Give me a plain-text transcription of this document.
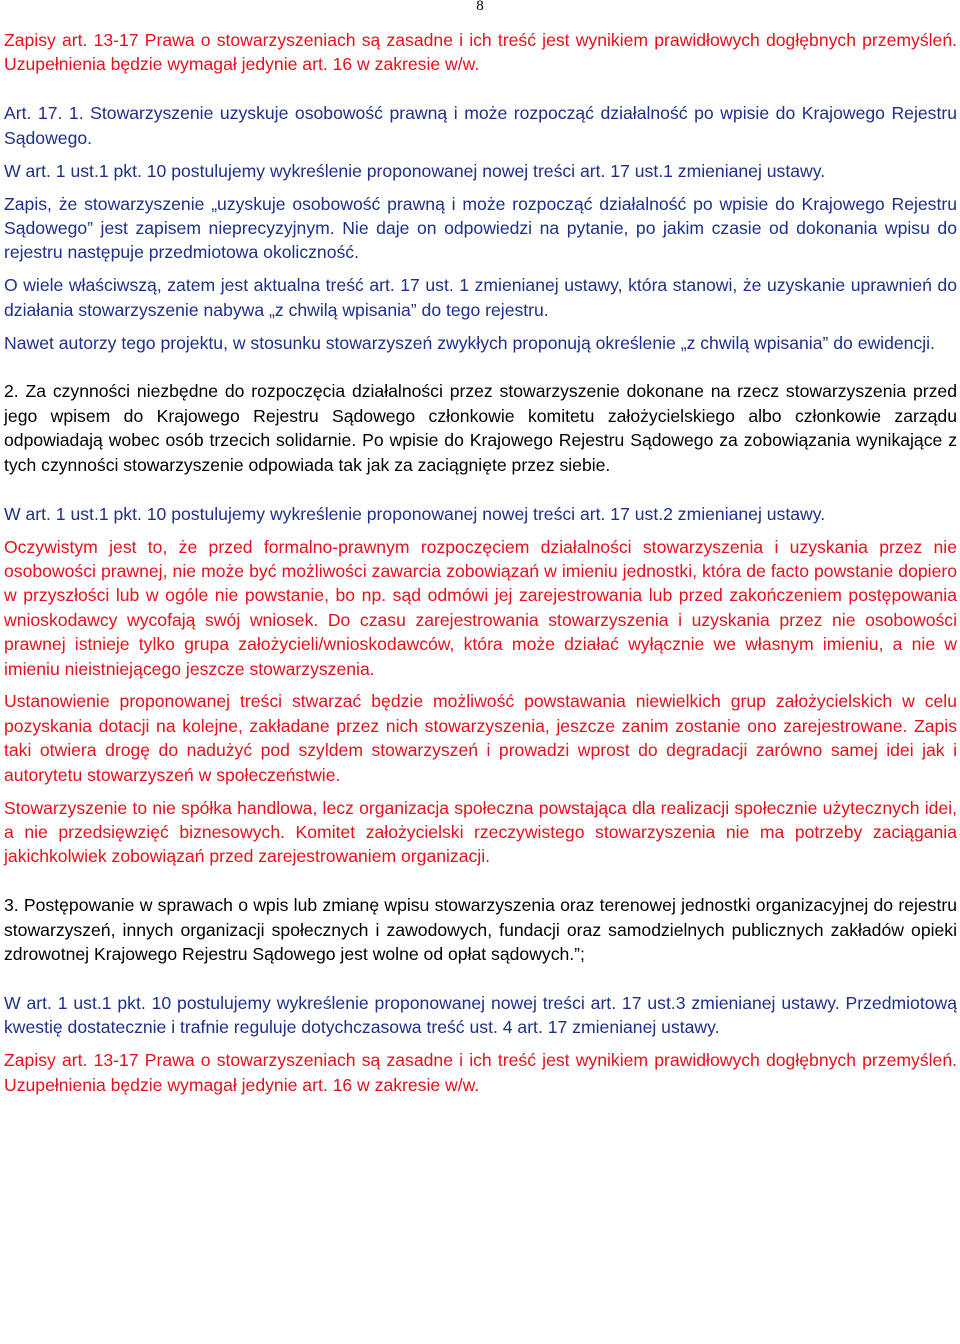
8

Zapisy art. 13-17 Prawa o stowarzyszeniach są zasadne i ich treść jest wynikiem prawidłowych dogłębnych przemyśleń. Uzupełnienia będzie wymagał jedynie art. 16 w zakresie w/w.

Art. 17. 1. Stowarzyszenie uzyskuje osobowość prawną i może rozpocząć działalność po wpisie do Krajowego Rejestru Sądowego.

W art. 1 ust.1 pkt. 10 postulujemy wykreślenie proponowanej nowej treści art. 17 ust.1 zmienianej ustawy.

Zapis, że stowarzyszenie „uzyskuje osobowość prawną i może rozpocząć działalność po wpisie do Krajowego Rejestru Sądowego” jest zapisem nieprecyzyjnym. Nie daje on odpowiedzi na pytanie, po jakim czasie od dokonania wpisu do rejestru następuje przedmiotowa okoliczność.

O wiele właściwszą, zatem jest aktualna treść art. 17 ust. 1 zmienianej ustawy, która stanowi, że uzyskanie uprawnień do działania stowarzyszenie nabywa „z chwilą wpisania” do tego rejestru.

Nawet autorzy tego projektu, w stosunku stowarzyszeń zwykłych proponują określenie „z chwilą wpisania” do ewidencji.

2. Za czynności niezbędne do rozpoczęcia działalności przez stowarzyszenie dokonane na rzecz stowarzyszenia przed jego wpisem do Krajowego Rejestru Sądowego członkowie komitetu założycielskiego albo członkowie zarządu odpowiadają wobec osób trzecich solidarnie. Po wpisie do Krajowego Rejestru Sądowego za zobowiązania wynikające z tych czynności stowarzyszenie odpowiada tak jak za zaciągnięte przez siebie.

W art. 1 ust.1 pkt. 10 postulujemy wykreślenie proponowanej nowej treści art. 17 ust.2 zmienianej ustawy.

Oczywistym jest to, że przed formalno-prawnym rozpoczęciem działalności stowarzyszenia i uzyskania przez nie osobowości prawnej, nie może być możliwości zawarcia zobowiązań w imieniu jednostki, która de facto powstanie dopiero w przyszłości lub w ogóle nie powstanie, bo np. sąd odmówi jej zarejestrowania lub przed zakończeniem postępowania wnioskodawcy wycofają swój wniosek. Do czasu zarejestrowania stowarzyszenia i uzyskania przez nie osobowości prawnej istnieje tylko grupa założycieli/wnioskodawców, która może działać wyłącznie we własnym imieniu, a nie w imieniu nieistniejącego jeszcze stowarzyszenia.

Ustanowienie proponowanej treści stwarzać będzie możliwość powstawania niewielkich grup założycielskich w celu pozyskania dotacji na kolejne, zakładane przez nich stowarzyszenia, jeszcze zanim zostanie ono zarejestrowane. Zapis taki otwiera drogę do nadużyć pod szyldem stowarzyszeń i prowadzi wprost do degradacji zarówno samej idei jak i autorytetu stowarzyszeń w społeczeństwie.

Stowarzyszenie to nie spółka handlowa, lecz organizacja społeczna powstająca dla realizacji społecznie użytecznych idei, a nie przedsięwzięć biznesowych. Komitet założycielski rzeczywistego stowarzyszenia nie ma potrzeby zaciągania jakichkolwiek zobowiązań przed zarejestrowaniem organizacji.

3. Postępowanie w sprawach o wpis lub zmianę wpisu stowarzyszenia oraz terenowej jednostki organizacyjnej do rejestru stowarzyszeń, innych organizacji społecznych i zawodowych, fundacji oraz samodzielnych publicznych zakładów opieki zdrowotnej Krajowego Rejestru Sądowego jest wolne od opłat sądowych.”;

W art. 1 ust.1 pkt. 10 postulujemy wykreślenie proponowanej nowej treści art. 17 ust.3 zmienianej ustawy. Przedmiotową kwestię dostatecznie i trafnie reguluje dotychczasowa treść ust. 4 art. 17 zmienianej ustawy.

Zapisy art. 13-17 Prawa o stowarzyszeniach są zasadne i ich treść jest wynikiem prawidłowych dogłębnych przemyśleń. Uzupełnienia będzie wymagał jedynie art. 16 w zakresie w/w.
